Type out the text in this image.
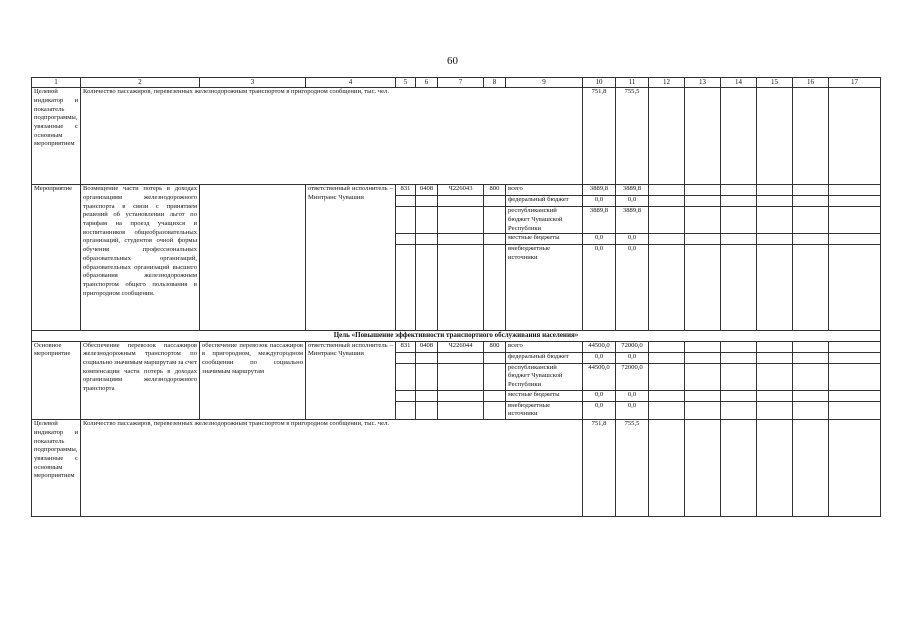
60
1	2	3	4	5	6	7	8	9	10	11	12	13	14	15	16	17
Целевой индикатор и показатель подпрограммы, увязанные с основным мероприятием	Количество пассажиров, перевезенных железнодорожным транспортом в пригородном сообщении, тыс. чел.								751,8	755,5						
Мероприятие	Возмещение части потерь в доходах организациям железнодорожного транспорта в связи с принятием решений об установлении льгот по тарифам на проезд учащихся и воспитанников общеобразовательных организаций, студентов очной формы обучения профессиональных образовательных организаций, образовательных организаций высшего образования железнодорожным транспортом общего пользования в пригородном сообщении.		ответственный исполнитель – Минтранс Чувашии	831	0408	Ч226043	800	всего	3889,8	3889,8						
								федеральный бюджет	0,0	0,0						
								республиканский бюджет Чувашской Республики	3889,8	3889,8						
								местные бюджеты	0,0	0,0						
								внебюджетные источники	0,0	0,0						
Цель «Повышение эффективности транспортного обслуживания населения»																
Основное мероприятие	Обеспечение перевозок пассажиров железнодорожным транспортом по социально значимым маршрутам за счет компенсации части потерь в доходах организациям железнодорожного транспорта	обеспечение перевозок пассажиров в пригородном, междугородном сообщении по социально значимым маршрутам	ответственный исполнитель – Минтранс Чувашии	831	0408	Ч226044	800	всего	44500,0	72000,0						
								федеральный бюджет	0,0	0,0						
								республиканский бюджет Чувашской Республики	44500,0	72000,0						
								местные бюджеты	0,0	0,0						
								внебюджетные источники	0,0	0,0						
Целевой индикатор и показатель подпрограммы, увязанные с основным мероприятием	Количество пассажиров, перевезенных железнодорожным транспортом в пригородном сообщении, тыс. чел.								751,8	755,5						
